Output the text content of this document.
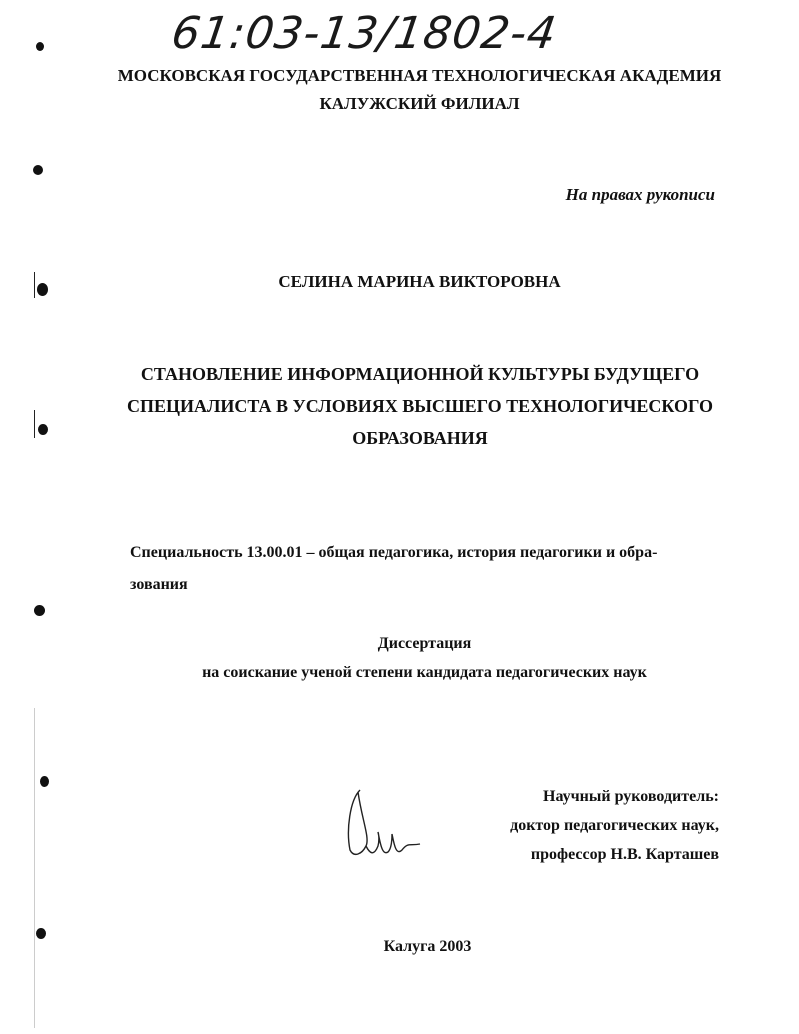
61:03-13/1802-4
МОСКОВСКАЯ ГОСУДАРСТВЕННАЯ ТЕХНОЛОГИЧЕСКАЯ АКАДЕМИЯ
КАЛУЖСКИЙ ФИЛИАЛ
На правах рукописи
СЕЛИНА МАРИНА ВИКТОРОВНА
СТАНОВЛЕНИЕ ИНФОРМАЦИОННОЙ КУЛЬТУРЫ БУДУЩЕГО
СПЕЦИАЛИСТА В УСЛОВИЯХ ВЫСШЕГО ТЕХНОЛОГИЧЕСКОГО
ОБРАЗОВАНИЯ
Специальность 13.00.01 – общая педагогика, история педагогики и обра-
зования
Диссертация
на соискание ученой степени кандидата педагогических наук
Научный руководитель:
доктор педагогических наук,
профессор Н.В. Карташев
Калуга 2003
